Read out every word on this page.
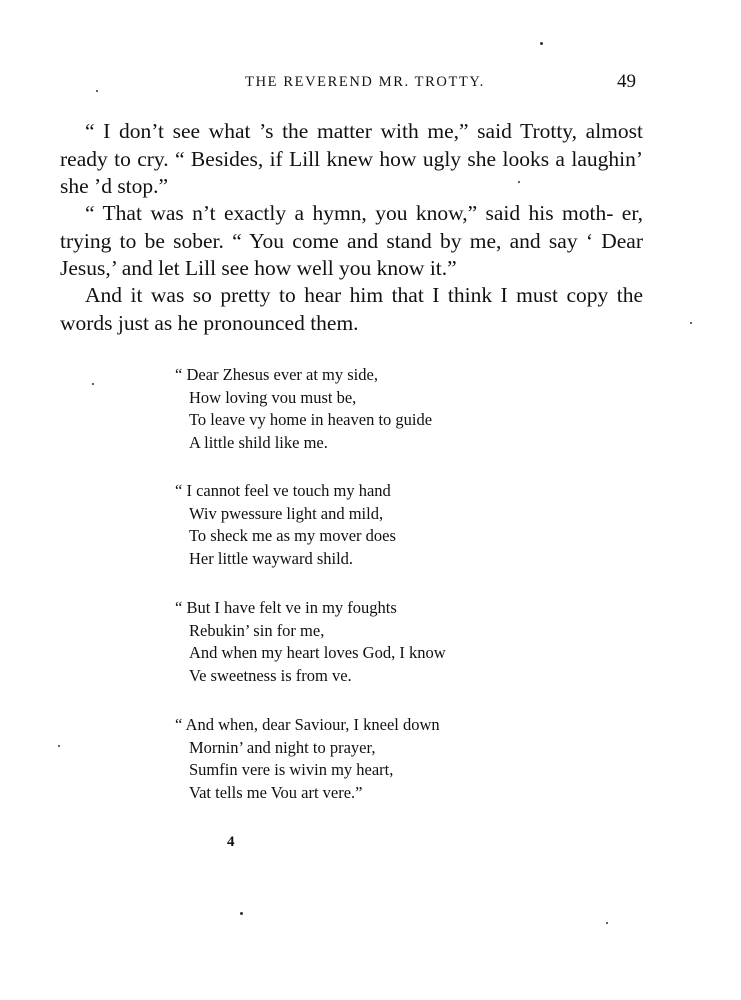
THE REVEREND MR. TROTTY.	49

“ I don’t see what ’s the matter with me,” said Trotty, almost ready to cry. “ Besides, if Lill knew how ugly she looks a laughin’ she ’d stop.”

“ That was n’t exactly a hymn, you know,” said his moth- er, trying to be sober. “ You come and stand by me, and say ‘ Dear Jesus,’ and let Lill see how well you know it.”

And it was so pretty to hear him that I think I must copy the words just as he pronounced them.

“ Dear Zhesus ever at my side,
How loving vou must be,
To leave vy home in heaven to guide
A little shild like me.
“ I cannot feel ve touch my hand
Wiv pwessure light and mild,
To sheck me as my mover does
Her little wayward shild.
“ But I have felt ve in my foughts
Rebukin’ sin for me,
And when my heart loves God, I know
Ve sweetness is from ve.
“ And when, dear Saviour, I kneel down
Mornin’ and night to prayer,
Sumfin vere is wivin my heart,
Vat tells me Vou art vere.”
4
